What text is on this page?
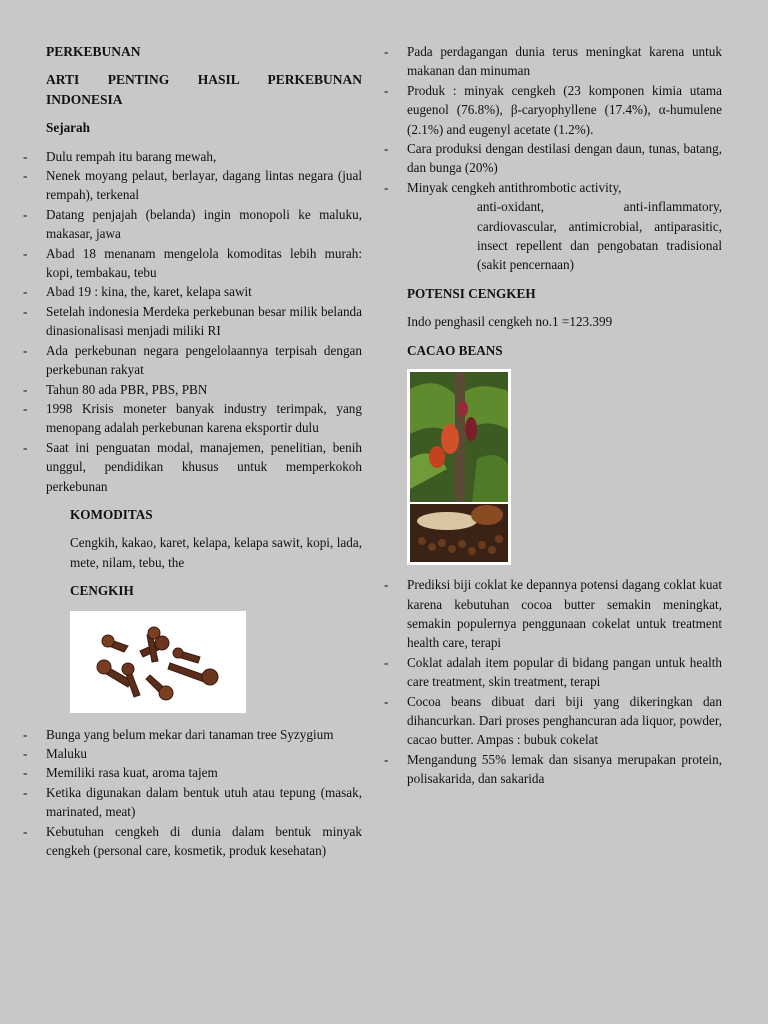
PERKEBUNAN
ARTI PENTING HASIL PERKEBUNAN INDONESIA
Sejarah
- Dulu rempah itu barang mewah,
- Nenek moyang pelaut, berlayar, dagang lintas negara (jual rempah), terkenal
- Datang penjajah (belanda) ingin monopoli ke maluku, makasar, jawa
- Abad 18 menanam mengelola komoditas lebih murah: kopi, tembakau, tebu
- Abad 19 : kina, the, karet, kelapa sawit
- Setelah indonesia Merdeka perkebunan besar milik belanda dinasionalisasi menjadi miliki RI
- Ada perkebunan negara pengelolaannya terpisah dengan perkebunan rakyat
- Tahun 80 ada PBR, PBS, PBN
- 1998 Krisis moneter banyak industry terimpak, yang menopang adalah perkebunan karena eksportir dulu
- Saat ini penguatan modal, manajemen, penelitian, benih unggul, pendidikan khusus untuk memperkokoh perkebunan
KOMODITAS

Cengkih, kakao, karet, kelapa, kelapa sawit, kopi, lada, mete, nilam, tebu, the

CENGKIH
- Bunga yang belum mekar dari tanaman tree Syzygium
- Maluku
- Memiliki rasa kuat, aroma tajem
- Ketika digunakan dalam bentuk utuh atau tepung (masak, marinated, meat)
- Kebutuhan cengkeh di dunia dalam bentuk minyak cengkeh (personal care, kosmetik, produk kesehatan)
- Pada perdagangan dunia terus meningkat karena untuk makanan dan minuman
- Produk : minyak cengkeh (23 komponen kimia utama eugenol (76.8%), β-caryophyllene (17.4%), α-humulene (2.1%) and eugenyl acetate (1.2%).
- Cara produksi dengan destilasi dengan daun, tunas, batang, dan bunga (20%)
- Minyak cengkeh antithrombotic activity,

anti-oxidant, anti-inflammatory, cardiovascular, antimicrobial, antiparasitic, insect repellent dan pengobatan tradisional (sakit pencernaan)

POTENSI CENGKEH

Indo penghasil cengkeh no.1 =123.399

CACAO BEANS
- Prediksi biji coklat ke depannya potensi dagang coklat kuat karena kebutuhan cocoa butter semakin meningkat, semakin populernya penggunaan cokelat untuk treatment health care, terapi
- Coklat adalah item popular di bidang pangan untuk health care treatment, skin treatment, terapi
- Cocoa beans dibuat dari biji yang dikeringkan dan dihancurkan. Dari proses penghancuran ada liquor, powder, cacao butter. Ampas : bubuk cokelat
- Mengandung 55% lemak dan sisanya merupakan protein, polisakarida, dan sakarida
